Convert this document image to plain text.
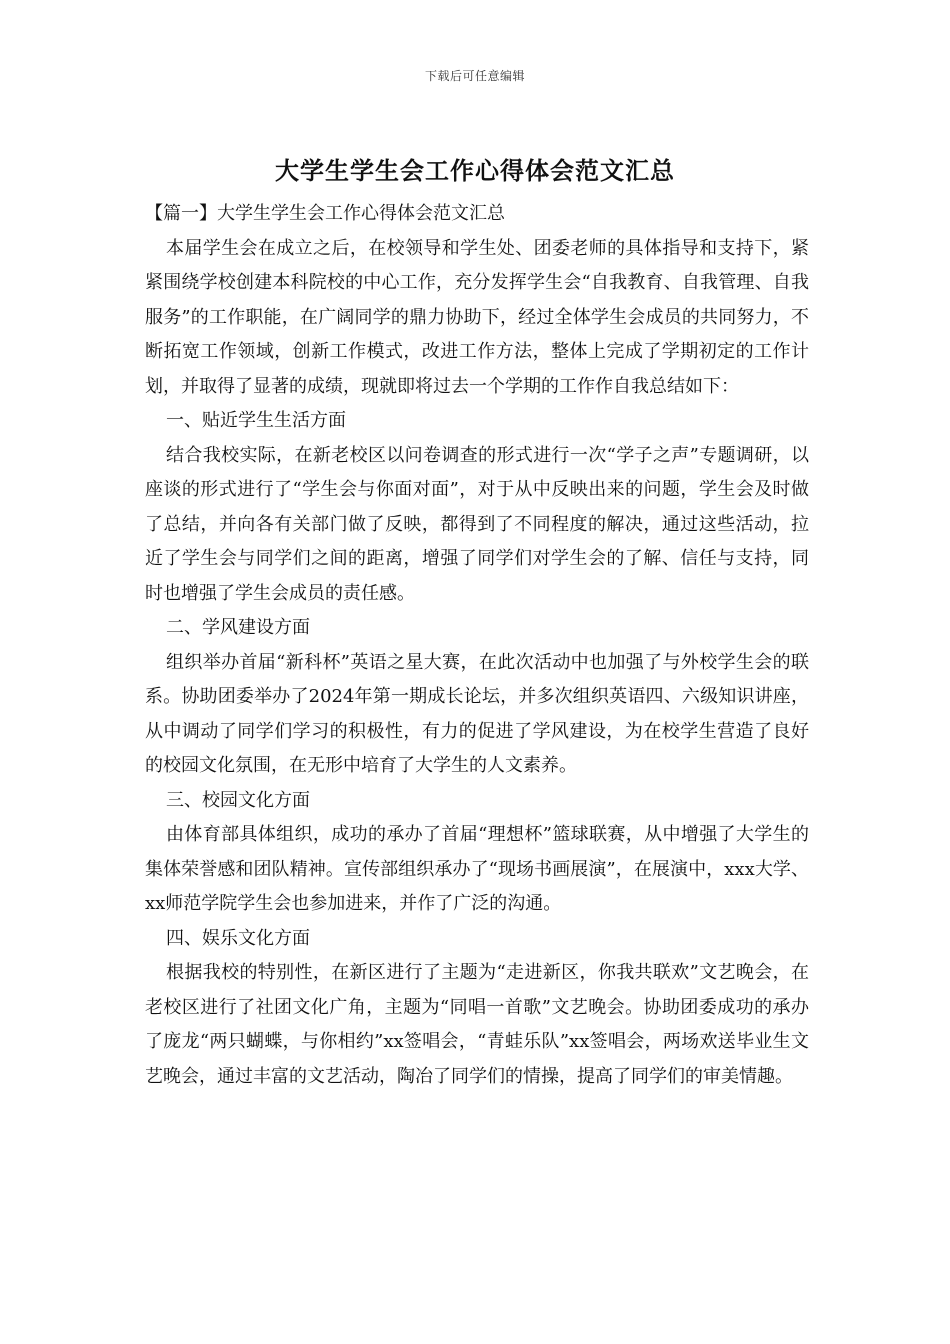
下载后可任意编辑
大学生学生会工作心得体会范文汇总

【篇一】大学生学生会工作心得体会范文汇总

本届学生会在成立之后，在校领导和学生处、团委老师的具体指导和支持下，紧紧围绕学校创建本科院校的中心工作，充分发挥学生会“自我教育、自我管理、自我服务”的工作职能，在广阔同学的鼎力协助下，经过全体学生会成员的共同努力，不断拓宽工作领域，创新工作模式，改进工作方法，整体上完成了学期初定的工作计划，并取得了显著的成绩，现就即将过去一个学期的工作作自我总结如下：

一、贴近学生生活方面

结合我校实际，在新老校区以问卷调查的形式进行一次“学子之声”专题调研，以座谈的形式进行了“学生会与你面对面”，对于从中反映出来的问题，学生会及时做了总结，并向各有关部门做了反映，都得到了不同程度的解决，通过这些活动，拉近了学生会与同学们之间的距离，增强了同学们对学生会的了解、信任与支持，同时也增强了学生会成员的责任感。

二、学风建设方面

组织举办首届“新科杯”英语之星大赛，在此次活动中也加强了与外校学生会的联系。协助团委举办了2024年第一期成长论坛，并多次组织英语四、六级知识讲座，从中调动了同学们学习的积极性，有力的促进了学风建设，为在校学生营造了良好的校园文化氛围，在无形中培育了大学生的人文素养。

三、校园文化方面

由体育部具体组织，成功的承办了首届“理想杯”篮球联赛，从中增强了大学生的集体荣誉感和团队精神。宣传部组织承办了“现场书画展演”，在展演中，xxx大学、xx师范学院学生会也参加进来，并作了广泛的沟通。

四、娱乐文化方面

根据我校的特别性，在新区进行了主题为“走进新区，你我共联欢”文艺晚会，在老校区进行了社团文化广角，主题为“同唱一首歌”文艺晚会。协助团委成功的承办了庞龙“两只蝴蝶，与你相约”xx签唱会，“青蛙乐队”xx签唱会，两场欢送毕业生文艺晚会，通过丰富的文艺活动，陶冶了同学们的情操，提高了同学们的审美情趣。
